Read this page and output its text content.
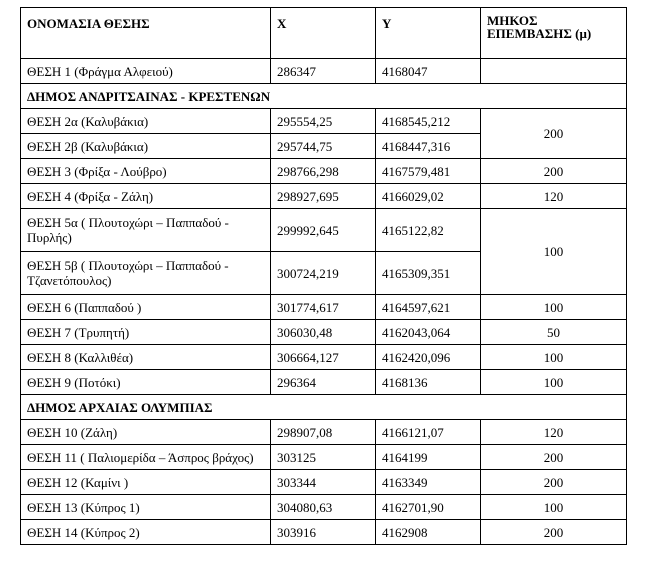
ΟΝΟΜΑΣΙΑ ΘΕΣΗΣ	X	Y	ΜΗΚΟΣ ΕΠΕΜΒΑΣΗΣ (μ)
ΘΕΣΗ 1 (Φράγμα Αλφειού)	286347	4168047	
ΔΗΜΟΣ ΑΝΔΡΙΤΣΑΙΝΑΣ - ΚΡΕΣΤΕΝΩΝ			
ΘΕΣΗ 2α (Καλυβάκια)	295554,25	4168545,212	200
ΘΕΣΗ 2β (Καλυβάκια)	295744,75	4168447,316	
ΘΕΣΗ 3 (Φρίξα - Λούβρο)	298766,298	4167579,481	200
ΘΕΣΗ 4 (Φρίξα - Ζάλη)	298927,695	4166029,02	120
ΘΕΣΗ 5α ( Πλουτοχώρι – Παππαδού - Πυρλής)	299992,645	4165122,82	100
ΘΕΣΗ 5β ( Πλουτοχώρι – Παππαδού - Τζανετόπουλος)	300724,219	4165309,351	
ΘΕΣΗ 6 (Παππαδού )	301774,617	4164597,621	100
ΘΕΣΗ 7 (Τρυπητή)	306030,48	4162043,064	50
ΘΕΣΗ 8 (Καλλιθέα)	306664,127	4162420,096	100
ΘΕΣΗ 9 (Ποτόκι)	296364	4168136	100
ΔΗΜΟΣ ΑΡΧΑΙΑΣ ΟΛΥΜΠΙΑΣ			
ΘΕΣΗ 10 (Ζάλη)	298907,08	4166121,07	120
ΘΕΣΗ 11 ( Παλιομερίδα – Άσπρος βράχος)	303125	4164199	200
ΘΕΣΗ 12 (Καμίνι )	303344	4163349	200
ΘΕΣΗ 13 (Κύπρος 1)	304080,63	4162701,90	100
ΘΕΣΗ 14 (Κύπρος 2)	303916	4162908	200
